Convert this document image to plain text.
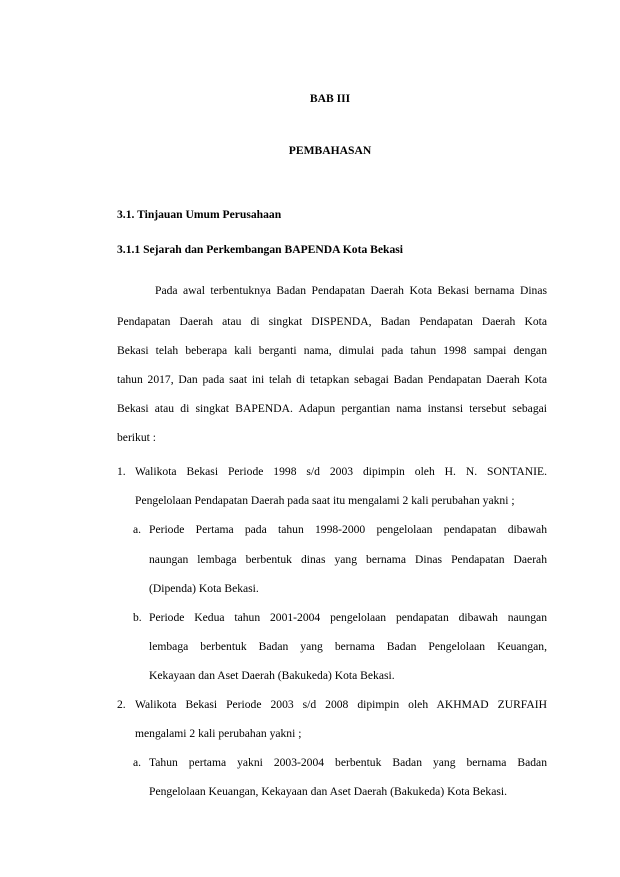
BAB III
PEMBAHASAN
3.1. Tinjauan Umum Perusahaan
3.1.1 Sejarah dan Perkembangan BAPENDA Kota Bekasi
Pada awal terbentuknya Badan Pendapatan Daerah Kota Bekasi bernama Dinas
Pendapatan Daerah atau di singkat DISPENDA, Badan Pendapatan Daerah Kota
Bekasi telah beberapa kali berganti nama, dimulai pada tahun 1998 sampai dengan
tahun 2017, Dan pada saat ini telah di tetapkan sebagai Badan Pendapatan Daerah Kota
Bekasi atau di singkat BAPENDA. Adapun pergantian nama instansi tersebut sebagai
berikut :
1. Walikota Bekasi Periode 1998 s/d 2003 dipimpin oleh H. N. SONTANIE.
Pengelolaan Pendapatan Daerah pada saat itu mengalami 2 kali perubahan yakni ;
a. Periode Pertama pada tahun 1998-2000 pengelolaan pendapatan dibawah
naungan lembaga berbentuk dinas yang bernama Dinas Pendapatan Daerah
(Dipenda) Kota Bekasi.
b. Periode Kedua tahun 2001-2004 pengelolaan pendapatan dibawah naungan
lembaga berbentuk Badan yang bernama Badan Pengelolaan Keuangan,
Kekayaan dan Aset Daerah (Bakukeda) Kota Bekasi.
2. Walikota Bekasi Periode 2003 s/d 2008 dipimpin oleh AKHMAD ZURFAIH
mengalami 2 kali perubahan yakni ;
a. Tahun pertama yakni 2003-2004 berbentuk Badan yang bernama Badan
Pengelolaan Keuangan, Kekayaan dan Aset Daerah (Bakukeda) Kota Bekasi.
